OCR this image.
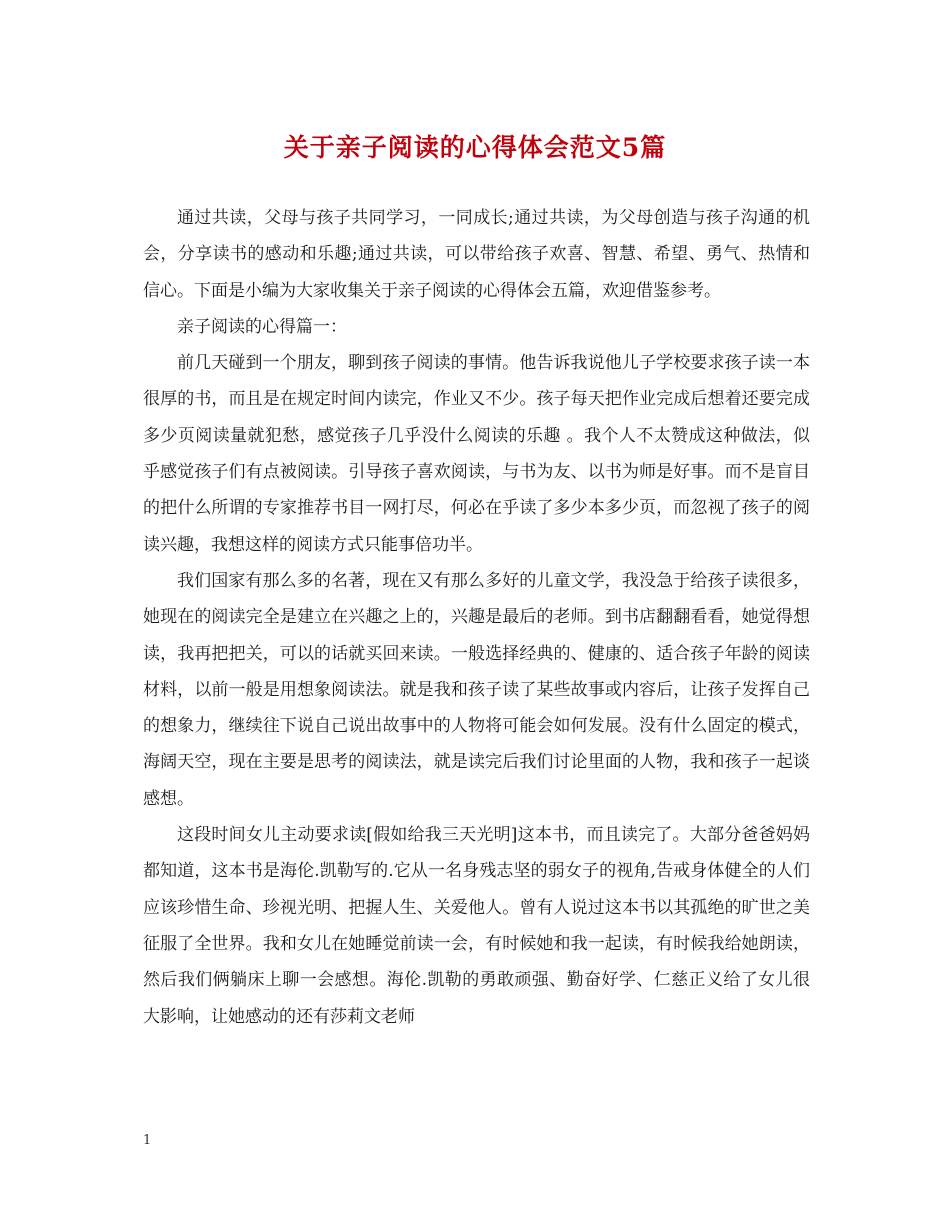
关于亲子阅读的心得体会范文5篇

通过共读，父母与孩子共同学习，一同成长;通过共读，为父母创造与孩子沟通的机会，分享读书的感动和乐趣;通过共读，可以带给孩子欢喜、智慧、希望、勇气、热情和信心。下面是小编为大家收集关于亲子阅读的心得体会五篇，欢迎借鉴参考。

亲子阅读的心得篇一：

前几天碰到一个朋友，聊到孩子阅读的事情。他告诉我说他儿子学校要求孩子读一本很厚的书，而且是在规定时间内读完，作业又不少。孩子每天把作业完成后想着还要完成多少页阅读量就犯愁，感觉孩子几乎没什么阅读的乐趣 。我个人不太赞成这种做法，似乎感觉孩子们有点被阅读。引导孩子喜欢阅读，与书为友、以书为师是好事。而不是盲目的把什么所谓的专家推荐书目一网打尽，何必在乎读了多少本多少页，而忽视了孩子的阅读兴趣，我想这样的阅读方式只能事倍功半。

我们国家有那么多的名著，现在又有那么多好的儿童文学，我没急于给孩子读很多，她现在的阅读完全是建立在兴趣之上的，兴趣是最后的老师。到书店翻翻看看，她觉得想读，我再把把关，可以的话就买回来读。一般选择经典的、健康的、适合孩子年龄的阅读材料，以前一般是用想象阅读法。就是我和孩子读了某些故事或内容后，让孩子发挥自己的想象力，继续往下说自己说出故事中的人物将可能会如何发展。没有什么固定的模式，海阔天空，现在主要是思考的阅读法，就是读完后我们讨论里面的人物，我和孩子一起谈感想。

这段时间女儿主动要求读[假如给我三天光明]这本书，而且读完了。大部分爸爸妈妈都知道，这本书是海伦.凯勒写的.它从一名身残志坚的弱女子的视角,告戒身体健全的人们应该珍惜生命、珍视光明、把握人生、关爱他人。曾有人说过这本书以其孤绝的旷世之美征服了全世界。我和女儿在她睡觉前读一会，有时候她和我一起读，有时候我给她朗读，然后我们俩躺床上聊一会感想。海伦.凯勒的勇敢顽强、勤奋好学、仁慈正义给了女儿很大影响，让她感动的还有莎莉文老师

1
